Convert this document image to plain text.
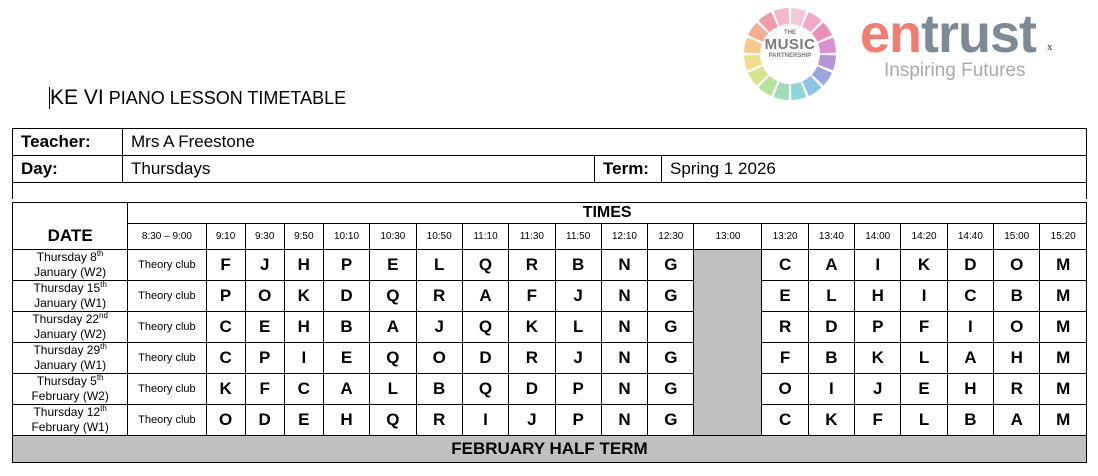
THE
MUSIC
PARTNERSHIP entrust x
Inspiring Futures
KE VI PIANO LESSON TIMETABLE
Teacher:	Mrs A Freestone		
Day:	Thursdays	Term:	Spring 1 2026

	TIMES																			
DATE	8:30 – 9:00	9:10	9:30	9:50	10:10	10:30	10:50	11:10	11:30	11:50	12:10	12:30	13:00	13:20	13:40	14:00	14:20	14:40	15:00	15:20
Thursday 8th
January (W2)	Theory club	F	J	H	P	E	L	Q	R	B	N	G		C	A	I	K	D	O	M
Thursday 15th
January (W1)	Theory club	P	O	K	D	Q	R	A	F	J	N	G		E	L	H	I	C	B	M
Thursday 22nd
January (W2)	Theory club	C	E	H	B	A	J	Q	K	L	N	G		R	D	P	F	I	O	M
Thursday 29th
January (W1)	Theory club	C	P	I	E	Q	O	D	R	J	N	G		F	B	K	L	A	H	M
Thursday 5th
February (W2)	Theory club	K	F	C	A	L	B	Q	D	P	N	G		O	I	J	E	H	R	M
Thursday 12th
February (W1)	Theory club	O	D	E	H	Q	R	I	J	P	N	G		C	K	F	L	B	A	M
FEBRUARY HALF TERM																				
